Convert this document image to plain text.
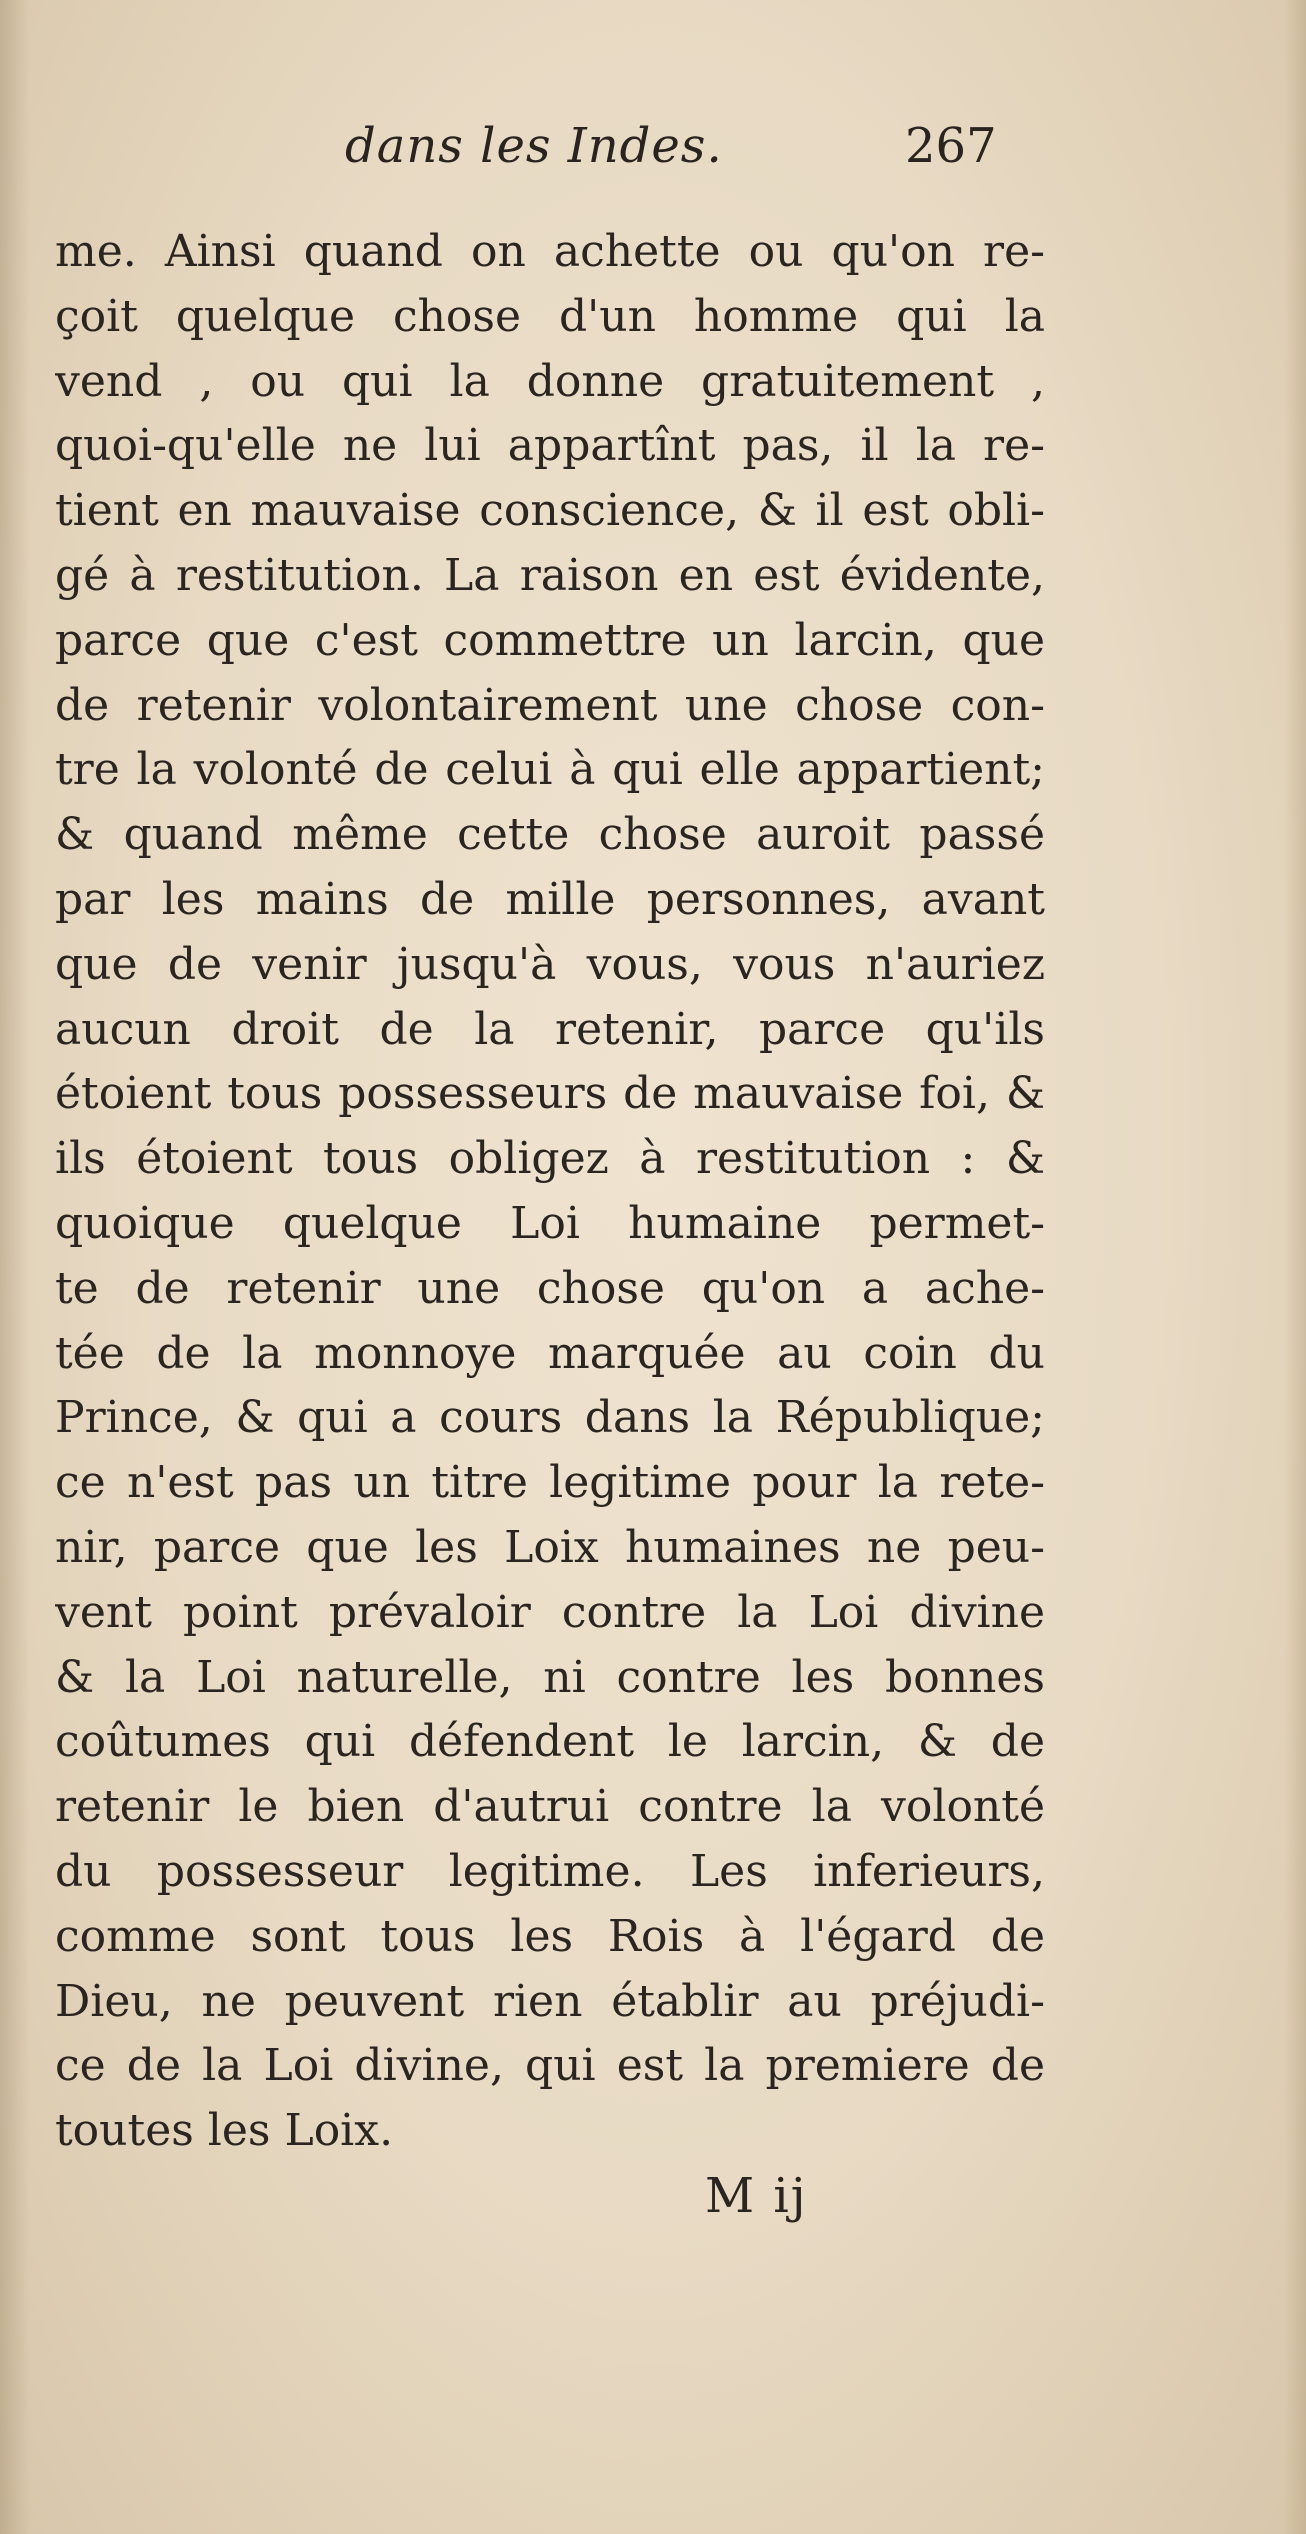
dans les Indes.	267
me. Ainsi quand on achette ou qu'on re-
çoit quelque chose d'un homme qui la
vend , ou qui la donne gratuitement ,
quoi-qu'elle ne lui appartînt pas, il la re-
tient en mauvaise conscience, & il est obli-
gé à restitution. La raison en est évidente,
parce que c'est commettre un larcin, que
de retenir volontairement une chose con-
tre la volonté de celui à qui elle appartient;
& quand même cette chose auroit passé
par les mains de mille personnes, avant
que de venir jusqu'à vous, vous n'auriez
aucun droit de la retenir, parce qu'ils
étoient tous possesseurs de mauvaise foi, &
ils étoient tous obligez à restitution : &
quoique quelque Loi humaine permet-
te de retenir une chose qu'on a ache-
tée de la monnoye marquée au coin du
Prince, & qui a cours dans la République;
ce n'est pas un titre legitime pour la rete-
nir, parce que les Loix humaines ne peu-
vent point prévaloir contre la Loi divine
& la Loi naturelle, ni contre les bonnes
coûtumes qui défendent le larcin, & de
retenir le bien d'autrui contre la volonté
du possesseur legitime. Les inferieurs,
comme sont tous les Rois à l'égard de
Dieu, ne peuvent rien établir au préjudi-
ce de la Loi divine, qui est la premiere de
toutes les Loix.
M ij
